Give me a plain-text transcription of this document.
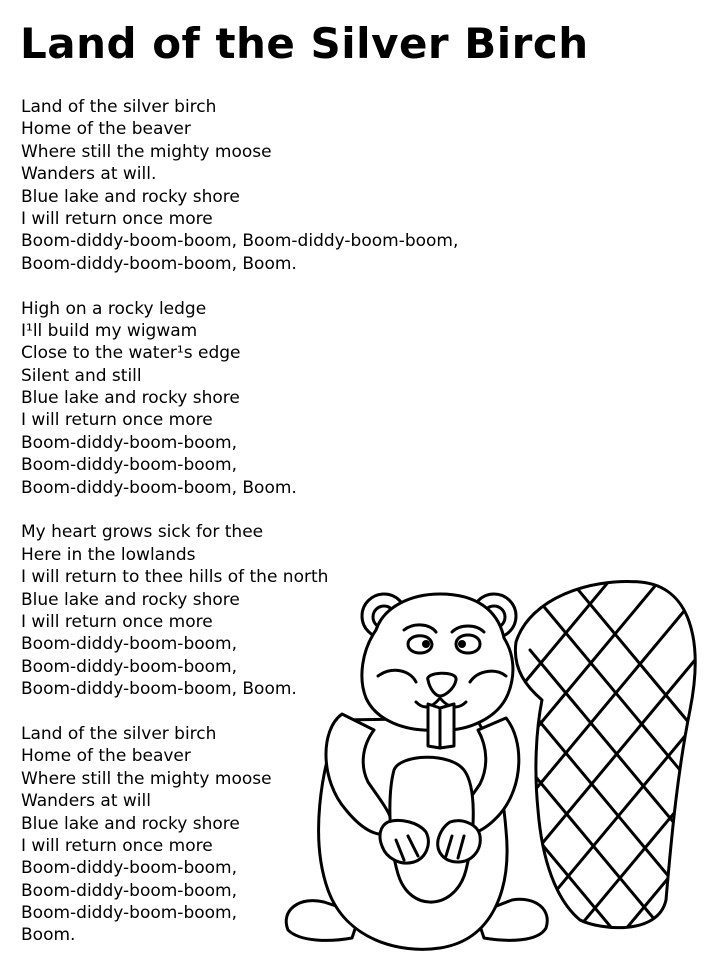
Land of the Silver Birch
Land of the silver birch
Home of the beaver
Where still the mighty moose
Wanders at will.
Blue lake and rocky shore
I will return once more
Boom-diddy-boom-boom, Boom-diddy-boom-boom,
Boom-diddy-boom-boom, Boom.
High on a rocky ledge
I¹ll build my wigwam
Close to the water¹s edge
Silent and still
Blue lake and rocky shore
I will return once more
Boom-diddy-boom-boom,
Boom-diddy-boom-boom,
Boom-diddy-boom-boom, Boom.
My heart grows sick for thee
Here in the lowlands
I will return to thee hills of the north
Blue lake and rocky shore
I will return once more
Boom-diddy-boom-boom,
Boom-diddy-boom-boom,
Boom-diddy-boom-boom, Boom.
Land of the silver birch
Home of the beaver
Where still the mighty moose
Wanders at will
Blue lake and rocky shore
I will return once more
Boom-diddy-boom-boom,
Boom-diddy-boom-boom,
Boom-diddy-boom-boom,
Boom.
